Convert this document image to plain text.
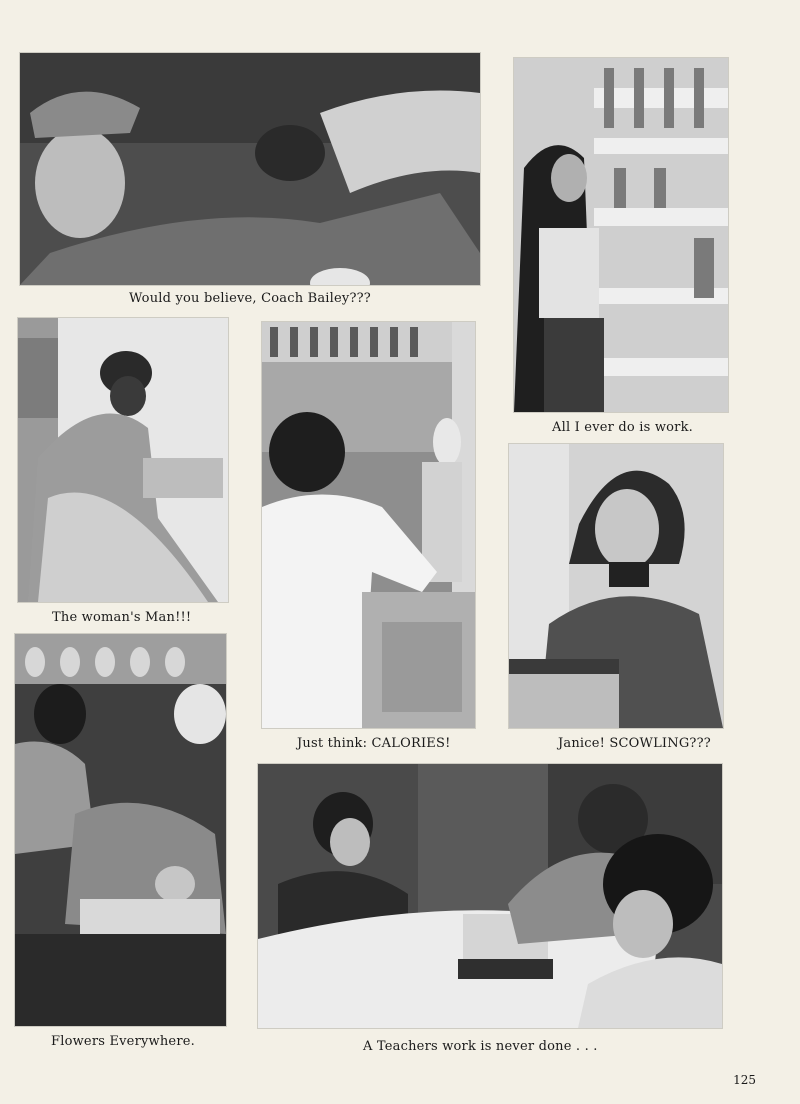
Would you believe, Coach Bailey???
All I ever do is work.
The woman's Man!!!
Just think: CALORIES!	Janice! SCOWLING???
Flowers Everywhere.	A Teachers work is never done . . .
125
